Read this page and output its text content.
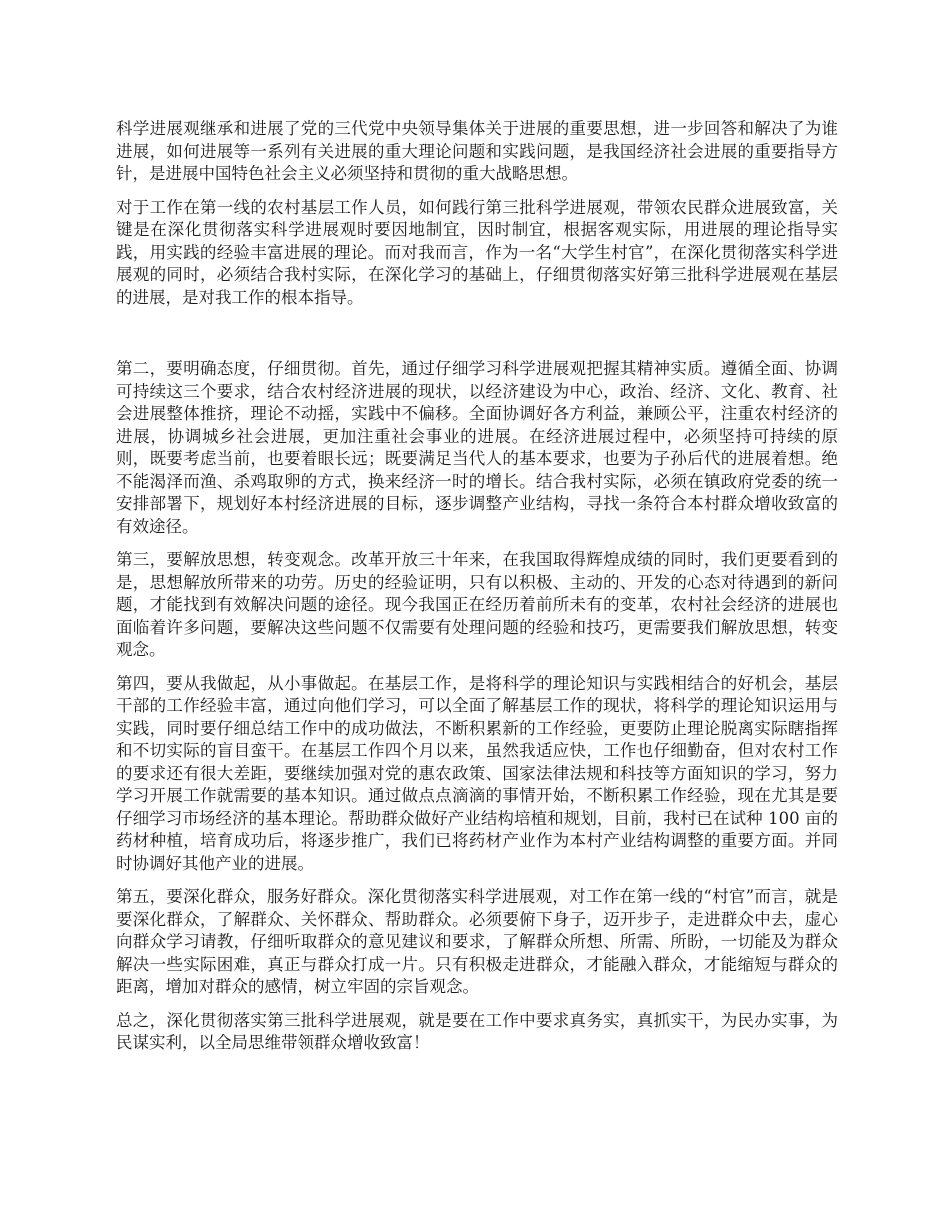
科学进展观继承和进展了党的三代党中央领导集体关于进展的重要思想，进一步回答和解决了为谁进展，如何进展等一系列有关进展的重大理论问题和实践问题，是我国经济社会进展的重要指导方针，是进展中国特色社会主义必须坚持和贯彻的重大战略思想。

对于工作在第一线的农村基层工作人员，如何践行第三批科学进展观，带领农民群众进展致富，关键是在深化贯彻落实科学进展观时要因地制宜，因时制宜，根据客观实际，用进展的理论指导实践，用实践的经验丰富进展的理论。而对我而言，作为一名“大学生村官”，在深化贯彻落实科学进展观的同时，必须结合我村实际，在深化学习的基础上，仔细贯彻落实好第三批科学进展观在基层的进展，是对我工作的根本指导。

第二，要明确态度，仔细贯彻。首先，通过仔细学习科学进展观把握其精神实质。遵循全面、协调可持续这三个要求，结合农村经济进展的现状，以经济建设为中心，政治、经济、文化、教育、社会进展整体推挤，理论不动摇，实践中不偏移。全面协调好各方利益，兼顾公平，注重农村经济的进展，协调城乡社会进展，更加注重社会事业的进展。在经济进展过程中，必须坚持可持续的原则，既要考虑当前，也要着眼长远；既要满足当代人的基本要求，也要为子孙后代的进展着想。绝不能渴泽而渔、杀鸡取卵的方式，换来经济一时的增长。结合我村实际，必须在镇政府党委的统一安排部署下，规划好本村经济进展的目标，逐步调整产业结构，寻找一条符合本村群众增收致富的有效途径。

第三，要解放思想，转变观念。改革开放三十年来，在我国取得辉煌成绩的同时，我们更要看到的是，思想解放所带来的功劳。历史的经验证明，只有以积极、主动的、开发的心态对待遇到的新问题，才能找到有效解决问题的途径。现今我国正在经历着前所未有的变革，农村社会经济的进展也面临着许多问题，要解决这些问题不仅需要有处理问题的经验和技巧，更需要我们解放思想，转变观念。

第四，要从我做起，从小事做起。在基层工作，是将科学的理论知识与实践相结合的好机会，基层干部的工作经验丰富，通过向他们学习，可以全面了解基层工作的现状，将科学的理论知识运用与实践，同时要仔细总结工作中的成功做法，不断积累新的工作经验，更要防止理论脱离实际瞎指挥和不切实际的盲目蛮干。在基层工作四个月以来，虽然我适应快，工作也仔细勤奋，但对农村工作的要求还有很大差距，要继续加强对党的惠农政策、国家法律法规和科技等方面知识的学习，努力学习开展工作就需要的基本知识。通过做点点滴滴的事情开始，不断积累工作经验，现在尤其是要仔细学习市场经济的基本理论。帮助群众做好产业结构培植和规划，目前，我村已在试种 100 亩的药材种植，培育成功后，将逐步推广，我们已将药材产业作为本村产业结构调整的重要方面。并同时协调好其他产业的进展。

第五，要深化群众，服务好群众。深化贯彻落实科学进展观，对工作在第一线的“村官”而言，就是要深化群众，了解群众、关怀群众、帮助群众。必须要俯下身子，迈开步子，走进群众中去，虚心向群众学习请教，仔细听取群众的意见建议和要求，了解群众所想、所需、所盼，一切能及为群众解决一些实际困难，真正与群众打成一片。只有积极走进群众，才能融入群众，才能缩短与群众的距离，增加对群众的感情，树立牢固的宗旨观念。

总之，深化贯彻落实第三批科学进展观，就是要在工作中要求真务实，真抓实干，为民办实事，为民谋实利，以全局思维带领群众增收致富！
